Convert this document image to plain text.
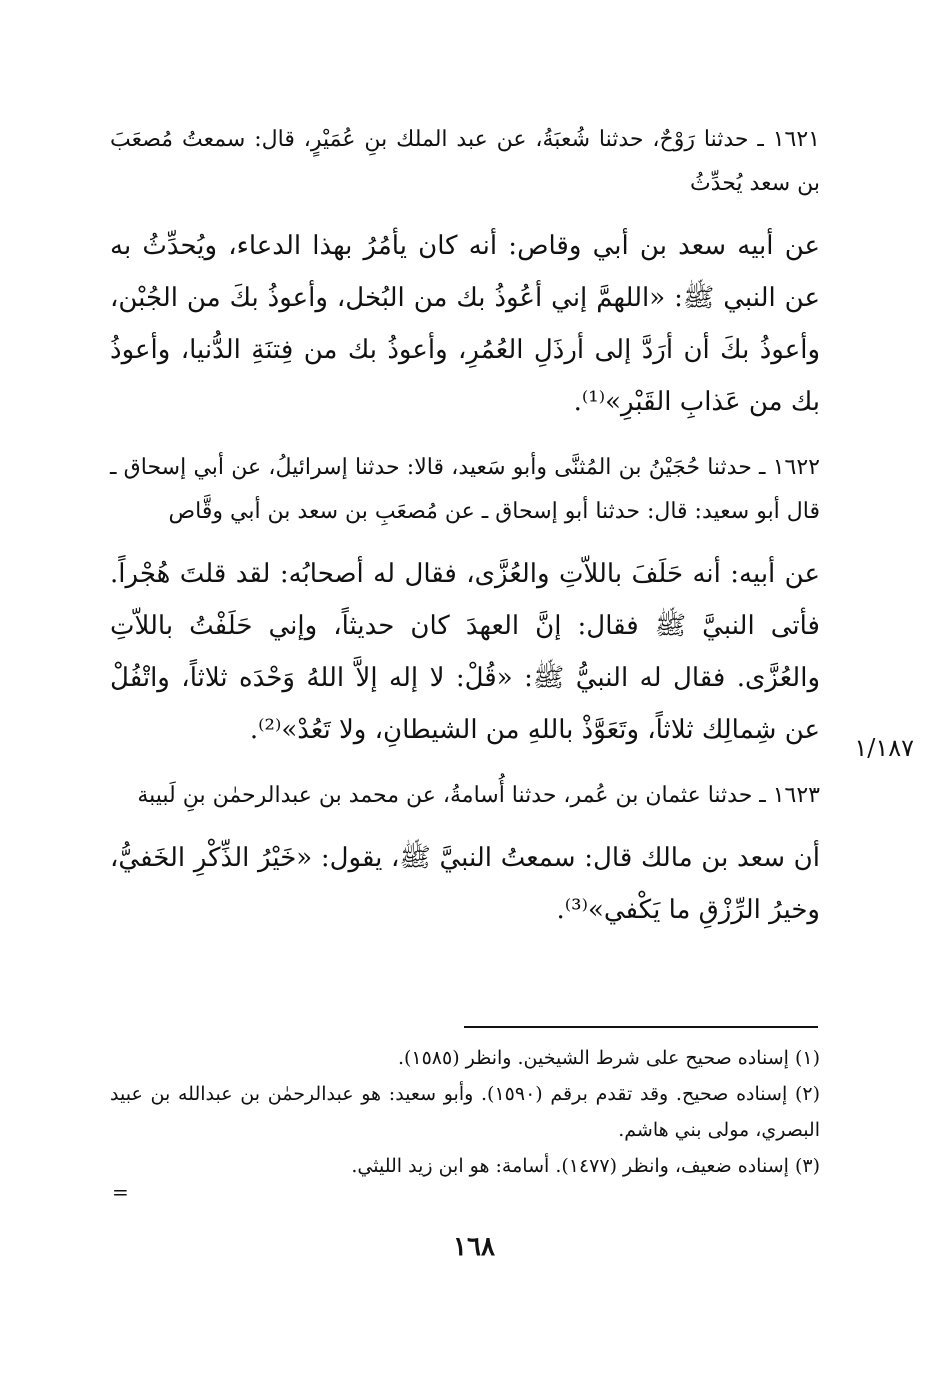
١٦٢١ ـ حدثنا رَوْحٌ، حدثنا شُعبَةُ، عن عبد الملك بنِ عُمَيْرٍ، قال: سمعتُ مُصعَبَ بن سعد يُحدِّثُ

عن أبيه سعد بن أبي وقاص: أنه كان يأمُرُ بهذا الدعاء، ويُحدِّثُ به عن النبي ﷺ: «اللهمَّ إني أعُوذُ بك من البُخل، وأعوذُ بكَ من الجُبْن، وأعوذُ بكَ أن أرَدَّ إلى أرذَلِ العُمُرِ، وأعوذُ بك من فِتنَةِ الدُّنيا، وأعوذُ بك من عَذابِ القَبْرِ»⁽¹⁾.

١٦٢٢ ـ حدثنا حُجَيْنُ بن المُثنَّى وأبو سَعيد، قالا: حدثنا إسرائيلُ، عن أبي إسحاق ـ قال أبو سعيد: قال: حدثنا أبو إسحاق ـ عن مُصعَبِ بن سعد بن أبي وقَّاص

عن أبيه: أنه حَلَفَ باللاّتِ والعُزَّى، فقال له أصحابُه: لقد قلتَ هُجْراً. فأتى النبيَّ ﷺ فقال: إنَّ العهدَ كان حديثاً، وإني حَلَفْتُ باللاّتِ والعُزَّى. فقال له النبيُّ ﷺ: «قُلْ: لا إله إلاَّ اللهُ وَحْدَه ثلاثاً، واتْفُلْ عن شِمالِك ثلاثاً، وتَعَوَّذْ باللهِ من الشيطانِ، ولا تَعُدْ»⁽²⁾.

١٦٢٣ ـ حدثنا عثمان بن عُمر، حدثنا أُسامةُ، عن محمد بن عبدالرحمٰن بنِ لَبيبة

أن سعد بن مالك قال: سمعتُ النبيَّ ﷺ، يقول: «خَيْرُ الذِّكْرِ الخَفيُّ، وخيرُ الرِّزْقِ ما يَكْفي»⁽³⁾.

١/١٨٧

(١) إسناده صحيح على شرط الشيخين. وانظر (١٥٨٥).

(٢) إسناده صحيح. وقد تقدم برقم (١٥٩٠). وأبو سعيد: هو عبدالرحمٰن بن عبدالله بن عبيد البصري، مولى بني هاشم.

(٣) إسناده ضعيف، وانظر (١٤٧٧). أسامة: هو ابن زيد الليثي.

=
١٦٨
